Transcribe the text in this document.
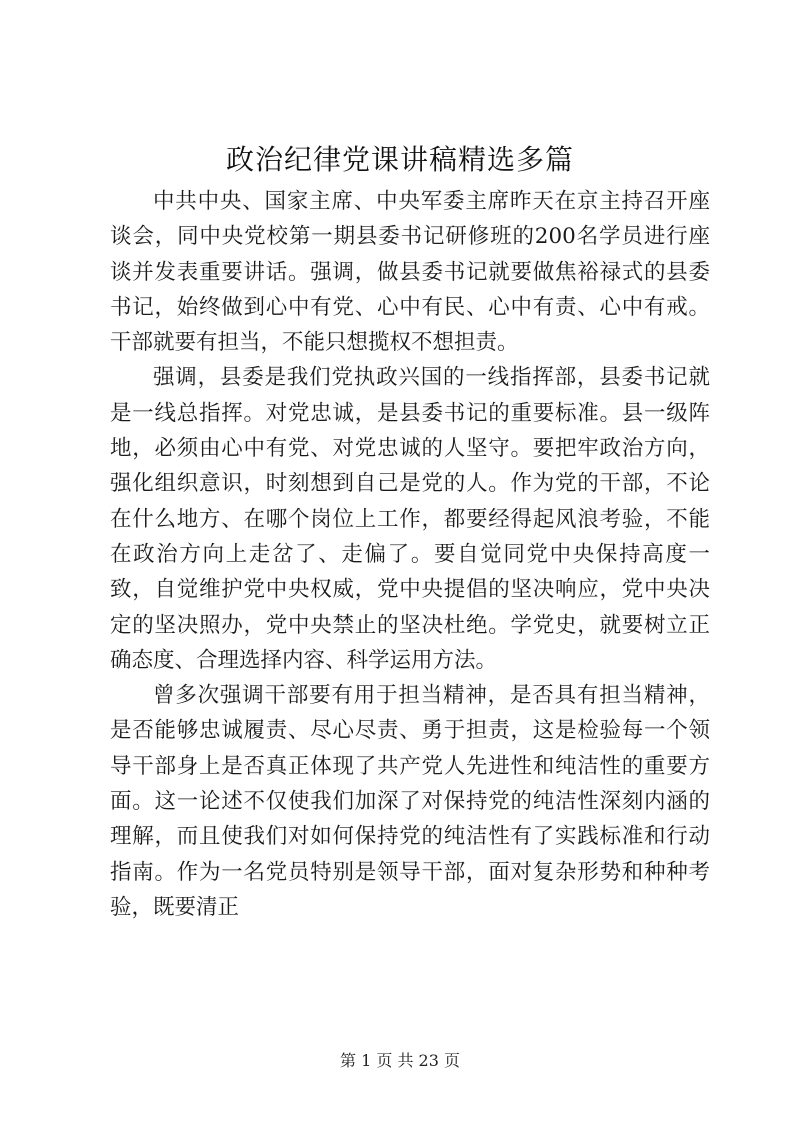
政治纪律党课讲稿精选多篇

中共中央、国家主席、中央军委主席昨天在京主持召开座谈会，同中央党校第一期县委书记研修班的200名学员进行座谈并发表重要讲话。强调，做县委书记就要做焦裕禄式的县委书记，始终做到心中有党、心中有民、心中有责、心中有戒。干部就要有担当，不能只想揽权不想担责。

强调，县委是我们党执政兴国的一线指挥部，县委书记就是一线总指挥。对党忠诚，是县委书记的重要标准。县一级阵地，必须由心中有党、对党忠诚的人坚守。要把牢政治方向，强化组织意识，时刻想到自己是党的人。作为党的干部，不论在什么地方、在哪个岗位上工作，都要经得起风浪考验，不能在政治方向上走岔了、走偏了。要自觉同党中央保持高度一致，自觉维护党中央权威，党中央提倡的坚决响应，党中央决定的坚决照办，党中央禁止的坚决杜绝。学党史，就要树立正确态度、合理选择内容、科学运用方法。

曾多次强调干部要有用于担当精神，是否具有担当精神，是否能够忠诚履责、尽心尽责、勇于担责，这是检验每一个领导干部身上是否真正体现了共产党人先进性和纯洁性的重要方面。这一论述不仅使我们加深了对保持党的纯洁性深刻内涵的理解，而且使我们对如何保持党的纯洁性有了实践标准和行动指南。作为一名党员特别是领导干部，面对复杂形势和种种考验，既要清正

第 1 页 共 23 页
